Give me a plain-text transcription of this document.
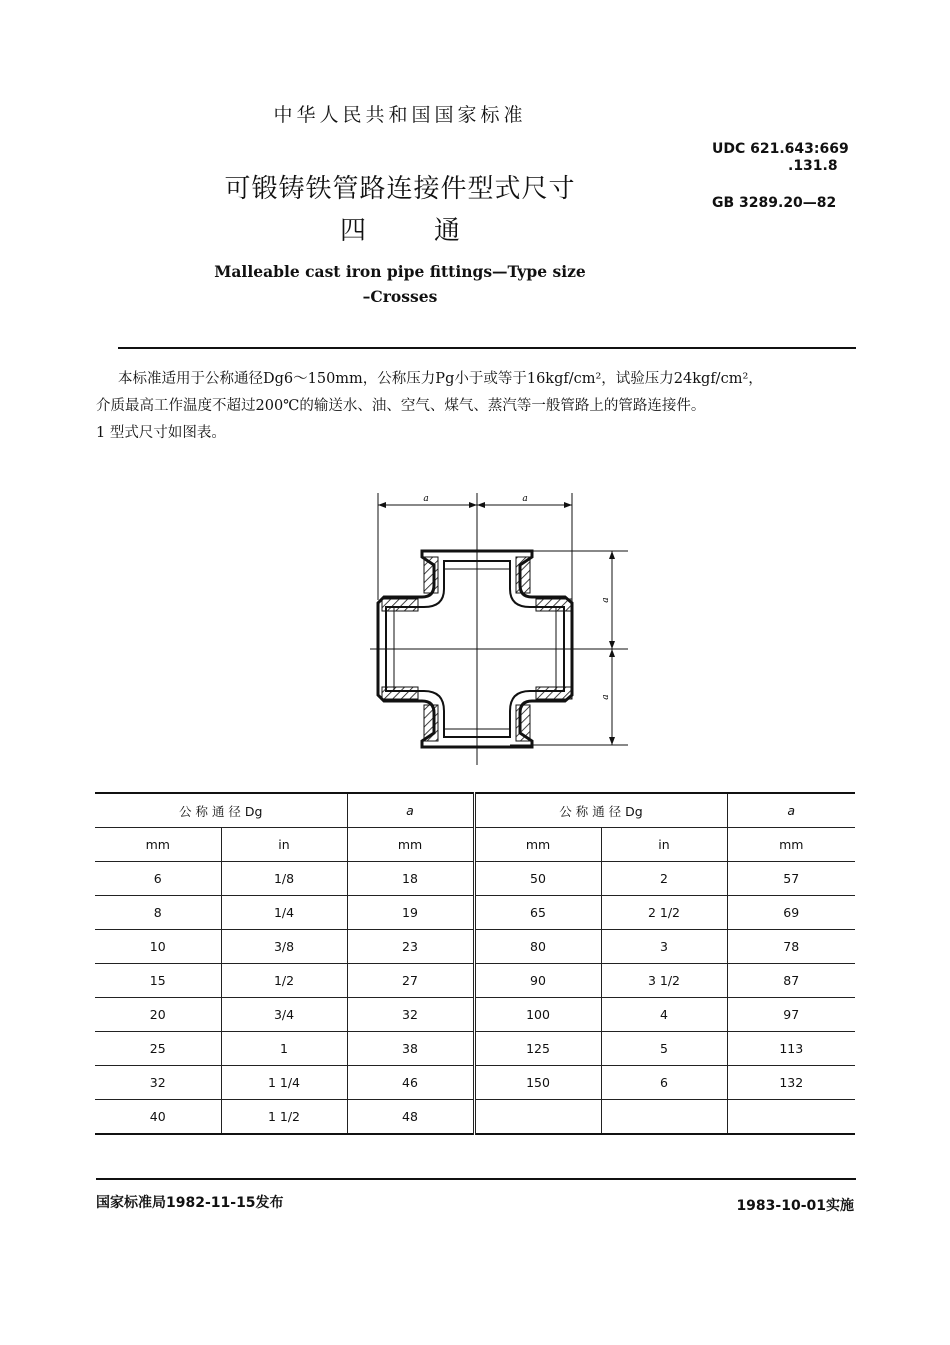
中华人民共和国国家标准
UDC 621.643:669
.131.8
GB 3289.20—82
可锻铸铁管路连接件型式尺寸
四通
Malleable cast iron pipe fittings—Type size
–Crosses
本标准适用于公称通径Dg6～150mm，公称压力Pg小于或等于16kgf/cm²，试验压力24kgf/cm²，
介质最高工作温度不超过200℃的输送水、油、空气、煤气、蒸汽等一般管路上的管路连接件。
1 型式尺寸如图表。
a	a
a
a
公 称 通 径 Dg		a	公 称 通 径 Dg		a
mm	in	mm	mm	in	mm
6	1/8	18	50	2	57
8	1/4	19	65	2 1/2	69
10	3/8	23	80	3	78
15	1/2	27	90	3 1/2	87
20	3/4	32	100	4	97
25	1	38	125	5	113
32	1 1/4	46	150	6	132
40	1 1/2	48			
国家标准局1982-11-15发布	1983-10-01实施
